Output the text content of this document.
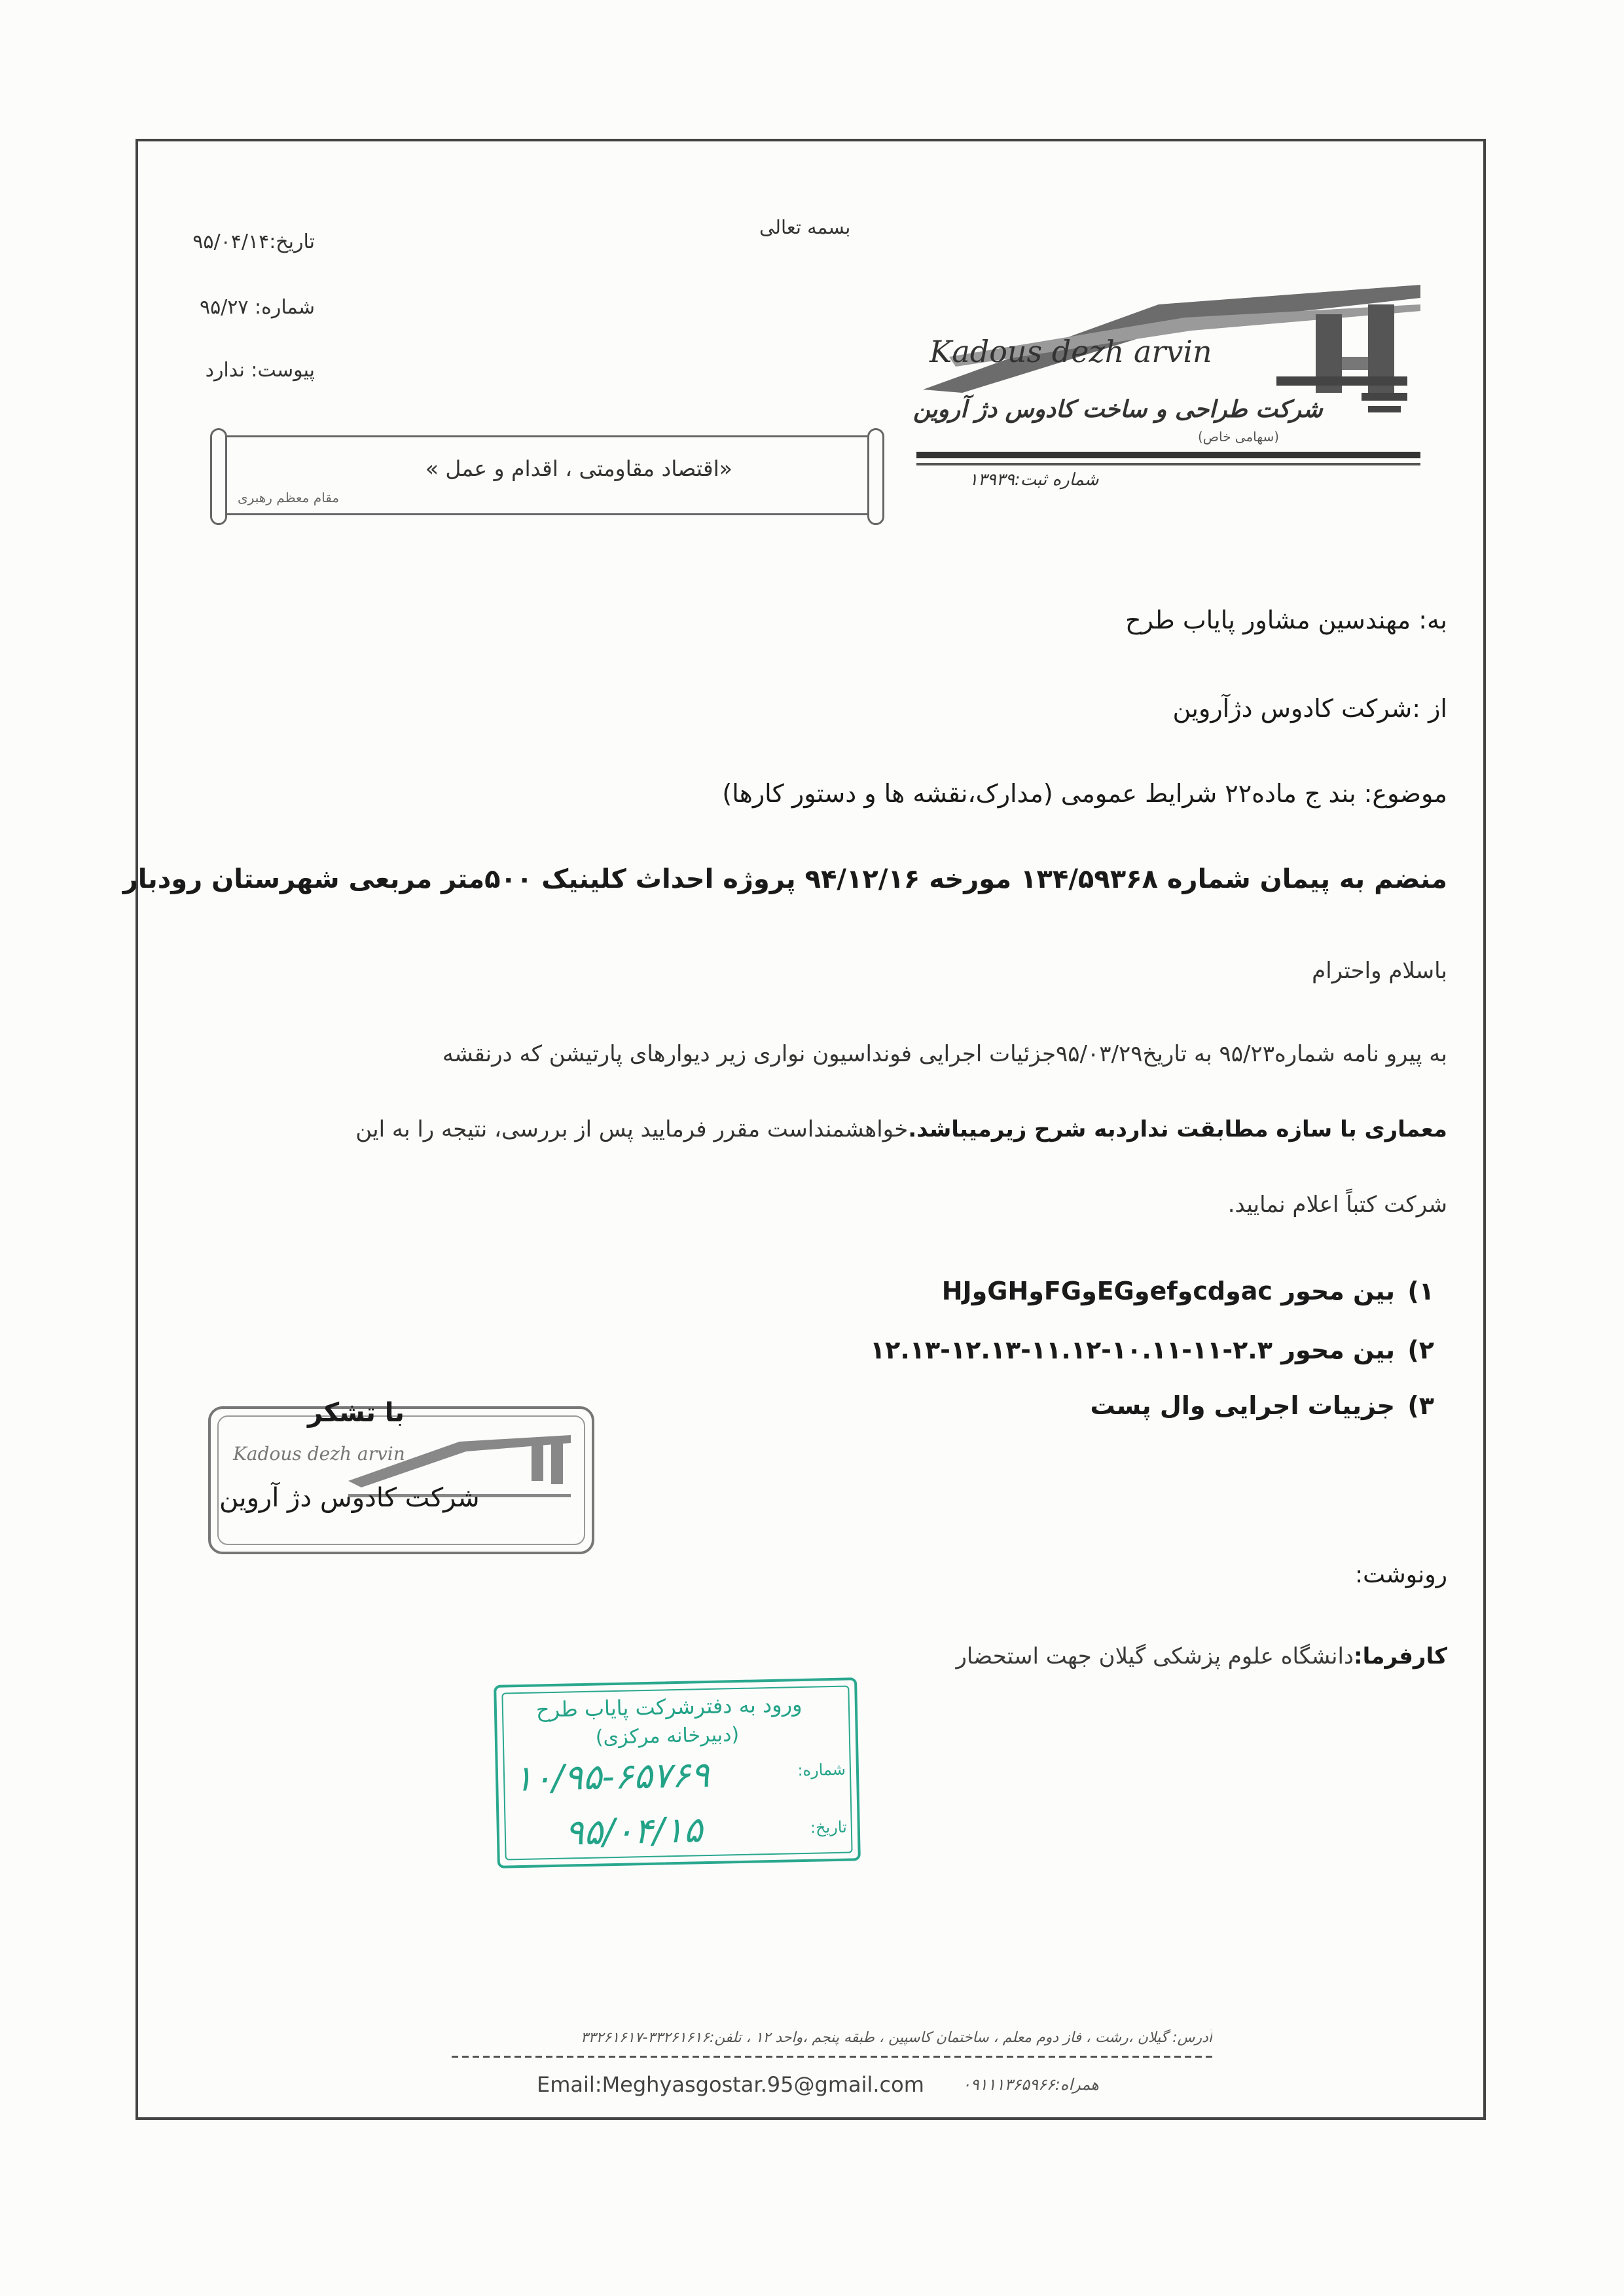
تاریخ:۹۵/۰۴/۱۴
شماره: ۹۵/۲۷
پیوست: ندارد
بسمه تعالی
Kadous dezh arvin
شرکت طراحی و ساخت کادوس دژ آروین
(سهامی خاص)
شماره ثبت:۱۳۹۳۹
«اقتصاد مقاومتی ، اقدام و عمل »
مقام معظم رهبری
به: مهندسین مشاور پایاب طرح
از :شرکت کادوس دژآروین
موضوع: بند ج ماده۲۲ شرایط عمومی (مدارک،نقشه ها و دستور کارها)
منضم به پیمان شماره ۱۳۴/۵۹۳۶۸ مورخه ۹۴/۱۲/۱۶ پروژه احداث کلینیک ۵۰۰متر مربعی شهرستان رودبار
باسلام واحترام
به پیرو نامه شماره۹۵/۲۳ به تاریخ۹۵/۰۳/۲۹جزئیات اجرایی فونداسیون نواری زیر دیوارهای پارتیشن که درنقشه
معماری با سازه مطابقت نداردبه شرح زیرمیباشد.خواهشمنداست مقرر فرمایید پس از بررسی، نتیجه را به این
شرکت کتباً اعلام نمایید.
۱)بین محور acوcdوefوEGوFGوGHوHJ
۲)بین محور ۲.۳-۱۱-۱۰.۱۱-۱۱.۱۲-۱۲.۱۳-۱۲.۱۳
۳)جزییات اجرایی وال پست
Kadous dezh arvin
با تشکر
شرکت کادوس دژ آروین
رونوشت:
کارفرما:دانشگاه علوم پزشکی گیلان جهت استحضار
ورود به دفترشرکت پایاب طرح
(دبیرخانه مرکزی)
شماره:
۱۰/۹۵-۶۵۷۶۹
تاریخ:
۹۵/۰۴/۱۵
آدرس: گیلان ،رشت ، فاز دوم معلم ، ساختمان کاسپین ، طبقه پنجم ،واحد ۱۲ ، تلفن:۳۳۲۶۱۶۱۶-۳۳۲۶۱۶۱۷
Email:Meghyasgostar.95@gmail.com همراه:۰۹۱۱۱۳۶۵۹۶۶
